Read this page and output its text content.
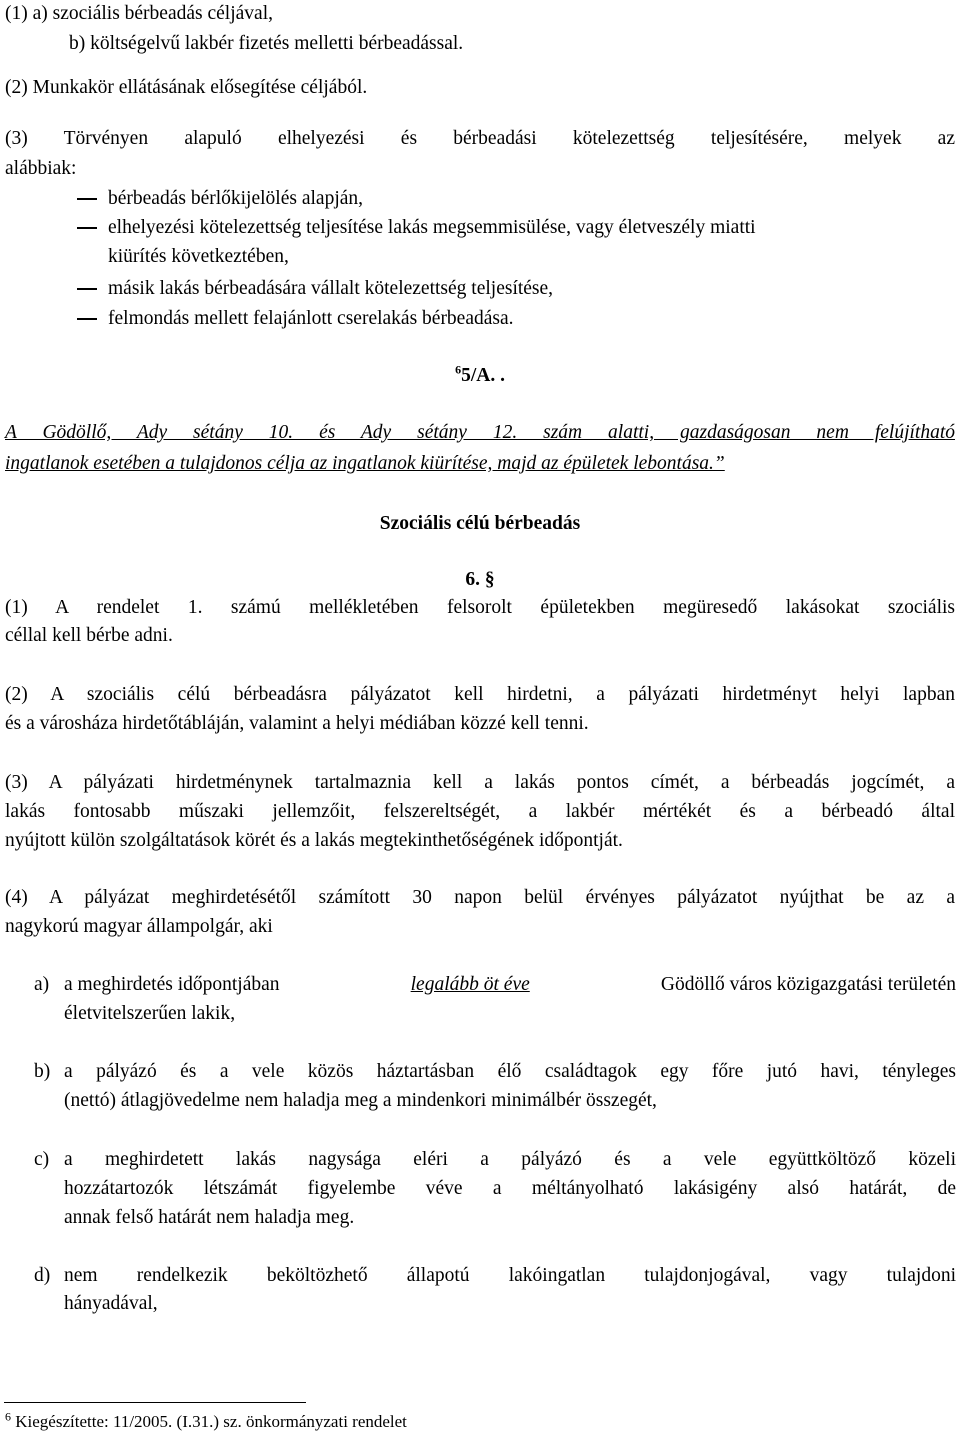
(1) a) szociális bérbeadás céljával,
b) költségelvű lakbér fizetés melletti bérbeadással.
(2) Munkakör ellátásának elősegítése céljából.
(3) Törvényen alapuló elhelyezési és bérbeadási kötelezettség teljesítésére, melyek az
alábbiak:
bérbeadás bérlőkijelölés alapján,
elhelyezési kötelezettség teljesítése lakás megsemmisülése, vagy életveszély miatti
kiürítés következtében,
másik lakás bérbeadására vállalt kötelezettség teljesítése,
felmondás mellett felajánlott cserelakás bérbeadása.
$^6$5/A. .
A Gödöllő, Ady sétány 10. és Ady sétány 12. szám alatti, gazdaságosan nem felújítható
ingatlanok esetében a tulajdonos célja az ingatlanok kiürítése, majd az épületek lebontása.”
Szociális célú bérbeadás
6. §
(1) A rendelet 1. számú mellékletében felsorolt épületekben megüresedő lakásokat szociális
céllal kell bérbe adni.
(2) A szociális célú bérbeadásra pályázatot kell hirdetni, a pályázati hirdetményt helyi lapban
és a városháza hirdetőtábláján, valamint a helyi médiában közzé kell tenni.
(3) A pályázati hirdetménynek tartalmaznia kell a lakás pontos címét, a bérbeadás jogcímét, a
lakás fontosabb műszaki jellemzőit, felszereltségét, a lakbér mértékét és a bérbeadó által
nyújtott külön szolgáltatások körét és a lakás megtekinthetőségének időpontját.
(4) A pályázat meghirdetésétől számított 30 napon belül érvényes pályázatot nyújthat be az a
nagykorú magyar állampolgár, aki
a) a meghirdetés időpontjában	legalább öt éve	Gödöllő város közigazgatási területén
életvitelszerűen lakik,
b) a pályázó és a vele közös háztartásban élő családtagok egy főre jutó havi, tényleges
(nettó) átlagjövedelme nem haladja meg a mindenkori minimálbér összegét,
c) a meghirdetett lakás nagysága eléri a pályázó és a vele együttköltöző közeli
hozzátartozók létszámát figyelembe véve a méltányolható lakásigény alsó határát, de
annak felső határát nem haladja meg.
d) nem rendelkezik beköltözhető állapotú lakóingatlan tulajdonjogával, vagy tulajdoni
hányadával,
$^6$ Kiegészítette: 11/2005. (I.31.) sz. önkormányzati rendelet
